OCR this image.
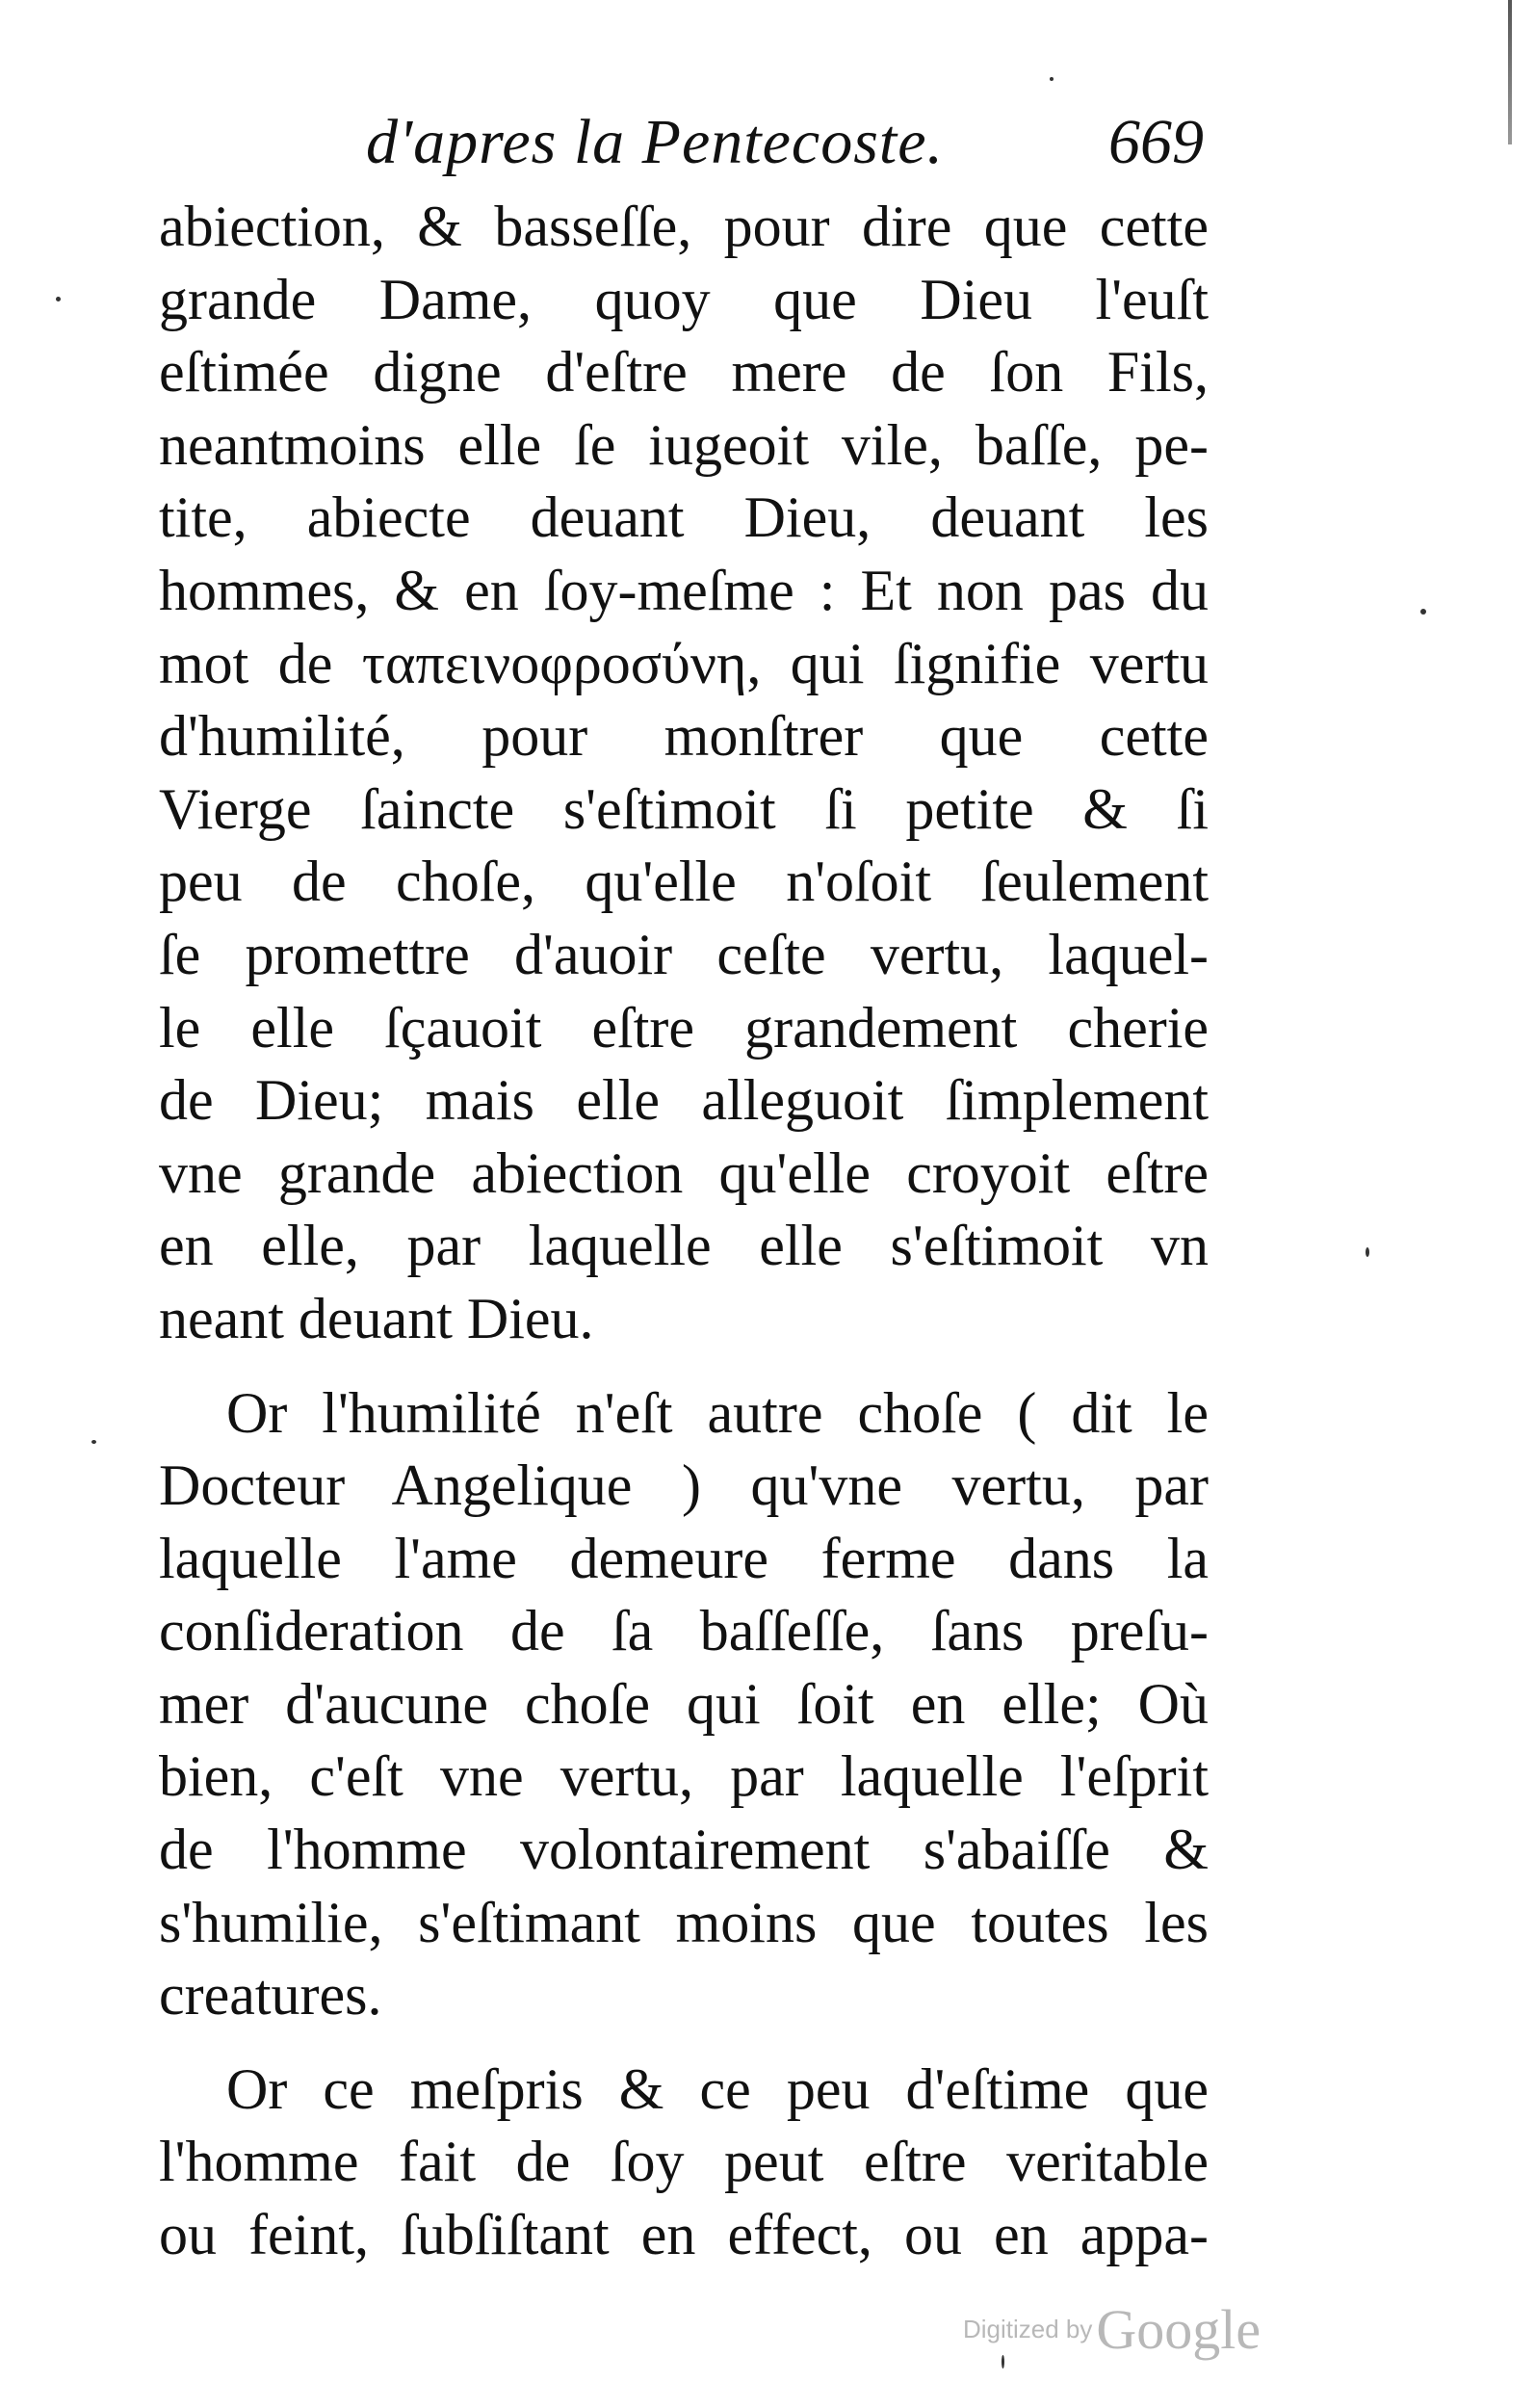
d'apres la Pentecoste.	669
abiection, & basseſſe, pour dire que cette
grande Dame, quoy que Dieu l'euſt
eſtimée digne d'eſtre mere de ſon Fils,
neantmoins elle ſe iugeoit vile, baſſe, pe-
tite, abiecte deuant Dieu, deuant les
hommes, & en ſoy-meſme : Et non pas du
mot de ταπεινοφροσύνη, qui ſignifie vertu
d'humilité, pour monſtrer que cette
Vierge ſaincte s'eſtimoit ſi petite & ſi
peu de choſe, qu'elle n'oſoit ſeulement
ſe promettre d'auoir ceſte vertu, laquel-
le elle ſçauoit eſtre grandement cherie
de Dieu; mais elle alleguoit ſimplement
vne grande abiection qu'elle croyoit eſtre
en elle, par laquelle elle s'eſtimoit vn
neant deuant Dieu.
Or l'humilité n'eſt autre choſe ( dit le
Docteur Angelique ) qu'vne vertu, par
laquelle l'ame demeure ferme dans la
conſideration de ſa baſſeſſe, ſans preſu-
mer d'aucune choſe qui ſoit en elle; Où
bien, c'eſt vne vertu, par laquelle l'eſprit
de l'homme volontairement s'abaiſſe &
s'humilie, s'eſtimant moins que toutes les
creatures.
Or ce meſpris & ce peu d'eſtime que
l'homme fait de ſoy peut eſtre veritable
ou feint, ſubſiſtant en effect, ou en appa-
Digitized by Google
